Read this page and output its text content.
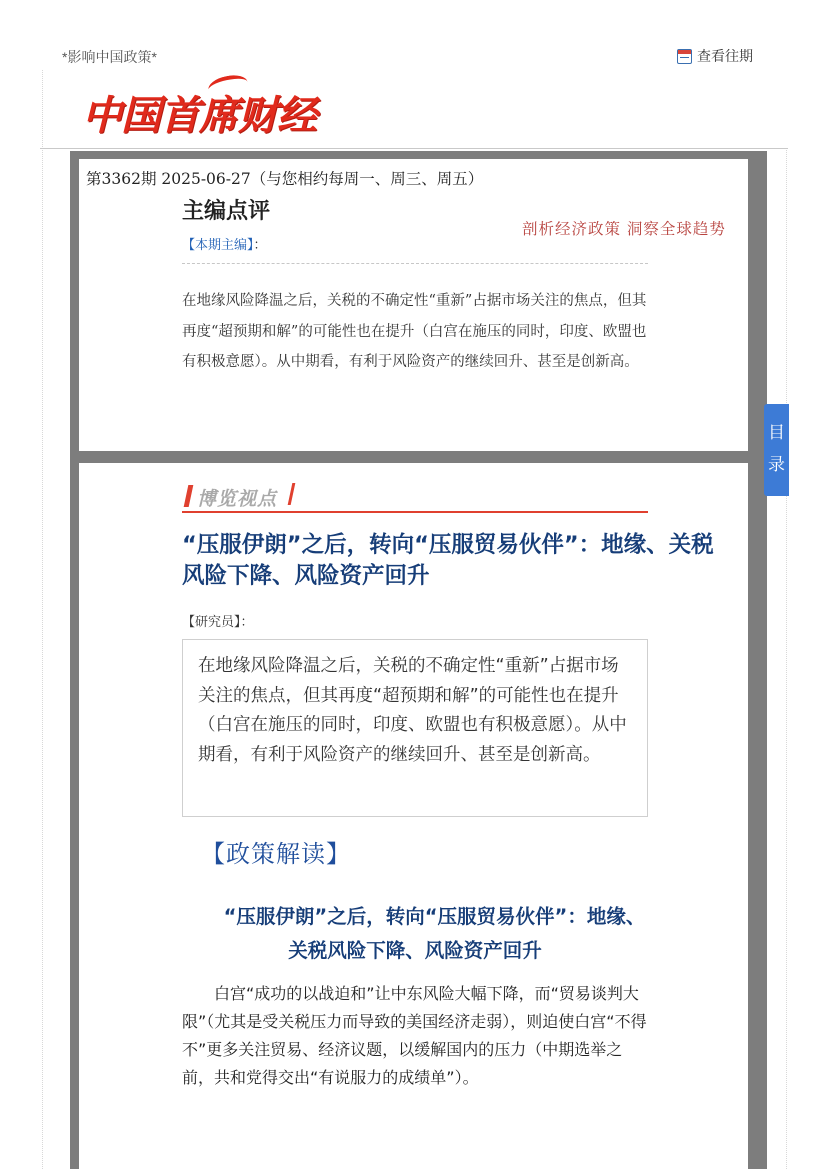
*影响中国政策*	查看往期
中国首席财经
第3362期 2025-06-27（与您相约每周一、周三、周五）
主编点评
剖析经济政策 洞察全球趋势
【本期主编】：
在地缘风险降温之后，关税的不确定性“重新”占据市场关注的焦点，但其再度“超预期和解”的可能性也在提升（白宫在施压的同时，印度、欧盟也有积极意愿）。从中期看，有利于风险资产的继续回升、甚至是创新高。
博览视点
“压服伊朗”之后，转向“压服贸易伙伴”：地缘、关税风险下降、风险资产回升
【研究员】：
在地缘风险降温之后，关税的不确定性“重新”占据市场关注的焦点，但其再度“超预期和解”的可能性也在提升（白宫在施压的同时，印度、欧盟也有积极意愿）。从中期看，有利于风险资产的继续回升、甚至是创新高。
【政策解读】
“压服伊朗”之后，转向“压服贸易伙伴”：地缘、关税风险下降、风险资产回升
白宫“成功的以战迫和”让中东风险大幅下降，而“贸易谈判大限”（尤其是受关税压力而导致的美国经济走弱），则迫使白宫“不得不”更多关注贸易、经济议题，以缓解国内的压力（中期选举之前，共和党得交出“有说服力的成绩单”）。
目
录
